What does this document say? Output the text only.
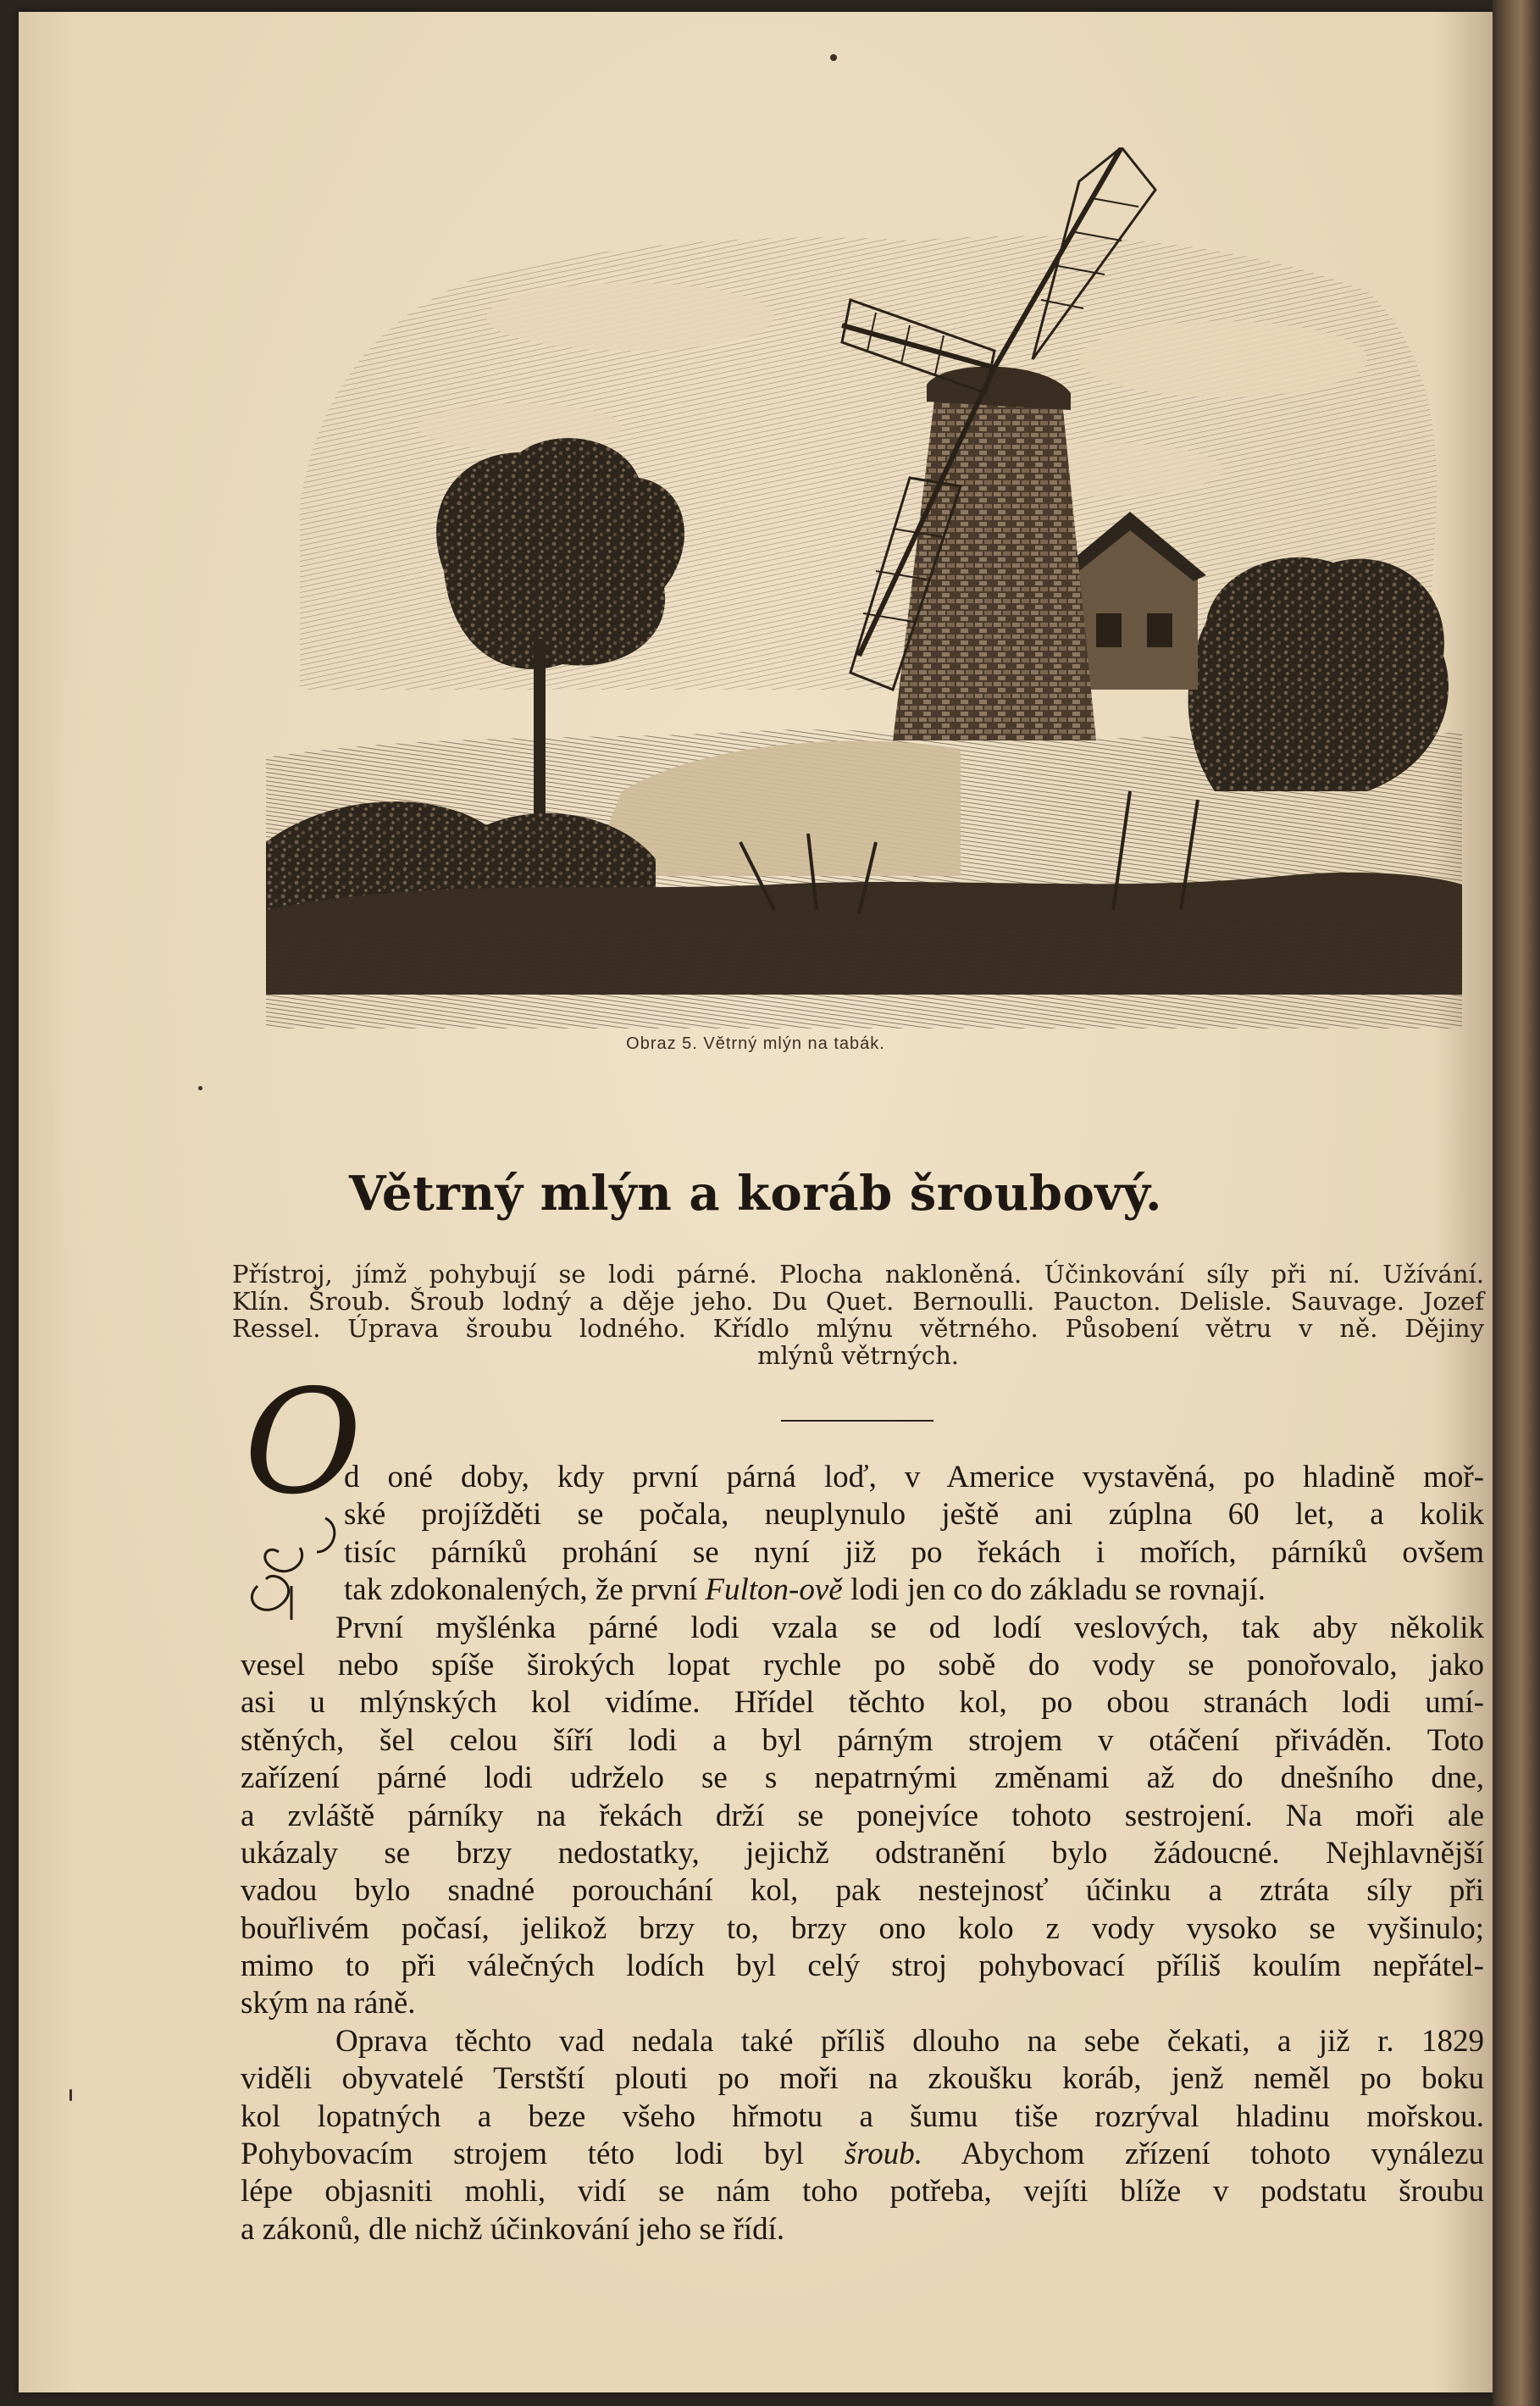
Obraz 5. Větrný mlýn na tabák.
Větrný mlýn a koráb šroubový.
Přístroj, jímž pohybují se lodi párné. Plocha nakloněná. Účinkování síly při ní. Užívání.
Klín. Šroub. Šroub lodný a děje jeho. Du Quet. Bernoulli. Paucton. Delisle. Sauvage. Jozef
Ressel. Úprava šroubu lodného. Křídlo mlýnu větrného. Působení větru v ně. Dějiny
mlýnů větrných.
O
d oné doby, kdy první párná loď, v Americe vystavěná, po hladině moř-
ské projížděti se počala, neuplynulo ještě ani zúplna 60 let, a kolik
tisíc párníků prohání se nyní již po řekách i mořích, párníků ovšem
tak zdokonalených, že první Fulton-ově lodi jen co do základu se rovnají.
První myšlénka párné lodi vzala se od lodí veslových, tak aby několik
vesel nebo spíše širokých lopat rychle po sobě do vody se ponořovalo, jako
asi u mlýnských kol vidíme. Hřídel těchto kol, po obou stranách lodi umí-
stěných, šel celou šíří lodi a byl párným strojem v otáčení přiváděn. Toto
zařízení párné lodi udrželo se s nepatrnými změnami až do dnešního dne,
a zvláště párníky na řekách drží se ponejvíce tohoto sestrojení. Na moři ale
ukázaly se brzy nedostatky, jejichž odstranění bylo žádoucné. Nejhlavnější
vadou bylo snadné porouchání kol, pak nestejnosť účinku a ztráta síly při
bouřlivém počasí, jelikož brzy to, brzy ono kolo z vody vysoko se vyšinulo;
mimo to při válečných lodích byl celý stroj pohybovací příliš koulím nepřátel-
ským na ráně.
Oprava těchto vad nedala také příliš dlouho na sebe čekati, a již r. 1829
viděli obyvatelé Terstští plouti po moři na zkoušku koráb, jenž neměl po boku
kol lopatných a beze všeho hřmotu a šumu tiše rozrýval hladinu mořskou.
Pohybovacím strojem této lodi byl šroub. Abychom zřízení tohoto vynálezu
lépe objasniti mohli, vidí se nám toho potřeba, vejíti blíže v podstatu šroubu
a zákonů, dle nichž účinkování jeho se řídí.
